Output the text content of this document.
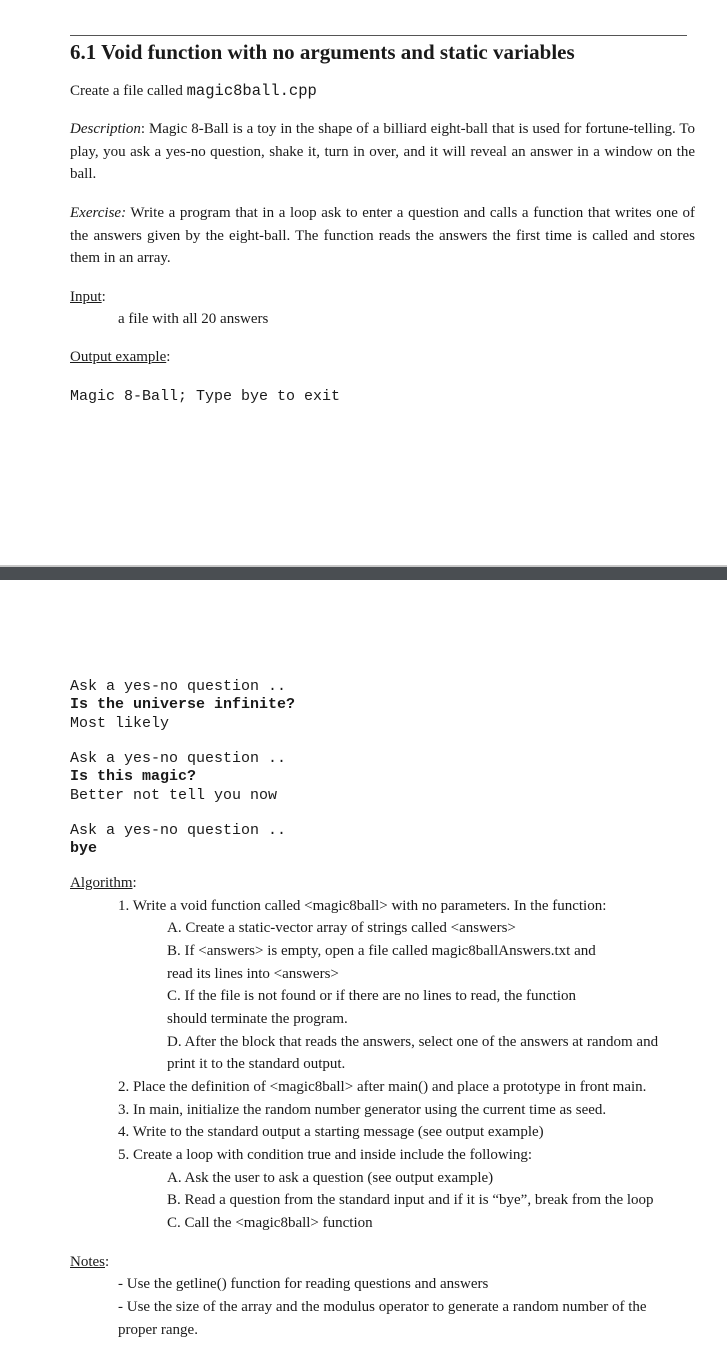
6.1 Void function with no arguments and static variables

Create a file called magic8ball.cpp

Description: Magic 8-Ball is a toy in the shape of a billiard eight-ball that is used for fortune-telling. To play, you ask a yes-no question, shake it, turn in over, and it will reveal an answer in a window on the ball.

Exercise: Write a program that in a loop ask to enter a question and calls a function that writes one of the answers given by the eight-ball. The function reads the answers the first time is called and stores them in an array.

Input:

a file with all 20 answers

Output example:

Magic 8-Ball; Type bye to exit

Ask a yes-no question ..

Is the universe infinite?

Most likely

Ask a yes-no question ..

Is this magic?

Better not tell you now

Ask a yes-no question ..

bye

Algorithm:

1. Write a void function called <magic8ball> with no parameters. In the function:

A. Create a static-vector array of strings called <answers>

B. If <answers> is empty, open a file called magic8ballAnswers.txt and

read its lines into <answers>

C. If the file is not found or if there are no lines to read, the function

should terminate the program.

D. After the block that reads the answers, select one of the answers at random and

print it to the standard output.

2. Place the definition of <magic8ball> after main() and place a prototype in front main.

3. In main, initialize the random number generator using the current time as seed.

4. Write to the standard output a starting message (see output example)

5. Create a loop with condition true and inside include the following:

A. Ask the user to ask a question (see output example)

B. Read a question from the standard input and if it is “bye”, break from the loop

C. Call the <magic8ball> function

Notes:

- Use the getline() function for reading questions and answers

- Use the size of the array and the modulus operator to generate a random number of the

proper range.
